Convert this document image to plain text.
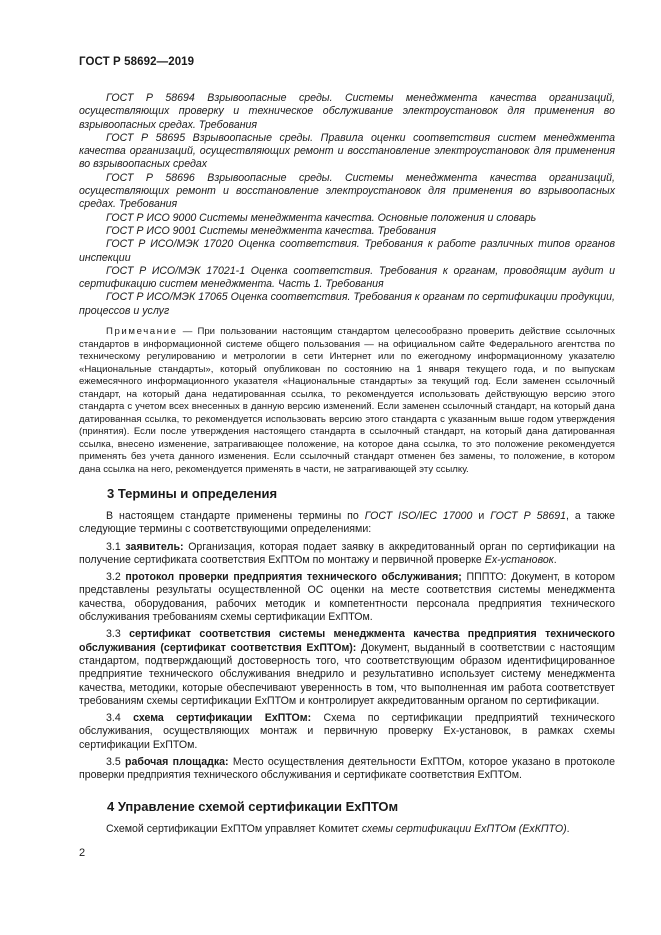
ГОСТ Р 58692—2019

ГОСТ Р 58694 Взрывоопасные среды. Системы менеджмента качества организаций, осуществляющих проверку и техническое обслуживание электроустановок для применения во взрывоопасных средах. Требования

ГОСТ Р 58695 Взрывоопасные среды. Правила оценки соответствия систем менеджмента качества организаций, осуществляющих ремонт и восстановление электроустановок для применения во взрывоопасных средах

ГОСТ Р 58696 Взрывоопасные среды. Системы менеджмента качества организаций, осуществляющих ремонт и восстановление электроустановок для применения во взрывоопасных средах. Требования

ГОСТ Р ИСО 9000 Системы менеджмента качества. Основные положения и словарь

ГОСТ Р ИСО 9001 Системы менеджмента качества. Требования

ГОСТ Р ИСО/МЭК 17020 Оценка соответствия. Требования к работе различных типов органов инспекции

ГОСТ Р ИСО/МЭК 17021-1 Оценка соответствия. Требования к органам, проводящим аудит и сертификацию систем менеджмента. Часть 1. Требования

ГОСТ Р ИСО/МЭК 17065 Оценка соответствия. Требования к органам по сертификации продукции, процессов и услуг

Примечание — При пользовании настоящим стандартом целесообразно проверить действие ссылочных стандартов в информационной системе общего пользования — на официальном сайте Федерального агентства по техническому регулированию и метрологии в сети Интернет или по ежегодному информационному указателю «Национальные стандарты», который опубликован по состоянию на 1 января текущего года, и по выпускам ежемесячного информационного указателя «Национальные стандарты» за текущий год. Если заменен ссылочный стандарт, на который дана недатированная ссылка, то рекомендуется использовать действующую версию этого стандарта с учетом всех внесенных в данную версию изменений. Если заменен ссылочный стандарт, на который дана датированная ссылка, то рекомендуется использовать версию этого стандарта с указанным выше годом утверждения (принятия). Если после утверждения настоящего стандарта в ссылочный стандарт, на который дана датированная ссылка, внесено изменение, затрагивающее положение, на которое дана ссылка, то это положение рекомендуется применять без учета данного изменения. Если ссылочный стандарт отменен без замены, то положение, в котором дана ссылка на него, рекомендуется применять в части, не затрагивающей эту ссылку.

3 Термины и определения

В настоящем стандарте применены термины по ГОСТ ISO/IEC 17000 и ГОСТ Р 58691, а также следующие термины с соответствующими определениями:

3.1 заявитель: Организация, которая подает заявку в аккредитованный орган по сертификации на получение сертификата соответствия ExПТОм по монтажу и первичной проверке Ex-установок.

3.2 протокол проверки предприятия технического обслуживания; ПППТО: Документ, в котором представлены результаты осуществленной ОС оценки на месте соответствия системы менеджмента качества, оборудования, рабочих методик и компетентности персонала предприятия технического обслуживания требованиям схемы сертификации ExПТОм.

3.3 сертификат соответствия системы менеджмента качества предприятия технического обслуживания (сертификат соответствия ExПТОм): Документ, выданный в соответствии с настоящим стандартом, подтверждающий достоверность того, что соответствующим образом идентифицированное предприятие технического обслуживания внедрило и результативно использует систему менеджмента качества, методики, которые обеспечивают уверенность в том, что выполненная им работа соответствует требованиям схемы сертификации ExПТОм и контролирует аккредитованным органом по сертификации.

3.4 схема сертификации ExПТОм: Схема по сертификации предприятий технического обслуживания, осуществляющих монтаж и первичную проверку Ex-установок, в рамках схемы сертификации ExПТОм.

3.5 рабочая площадка: Место осуществления деятельности ExПТОм, которое указано в протоколе проверки предприятия технического обслуживания и сертификате соответствия ExПТОм.

4 Управление схемой сертификации ExПТОм

Схемой сертификации ExПТОм управляет Комитет схемы сертификации ExПТОм (ExКПТО).

2
